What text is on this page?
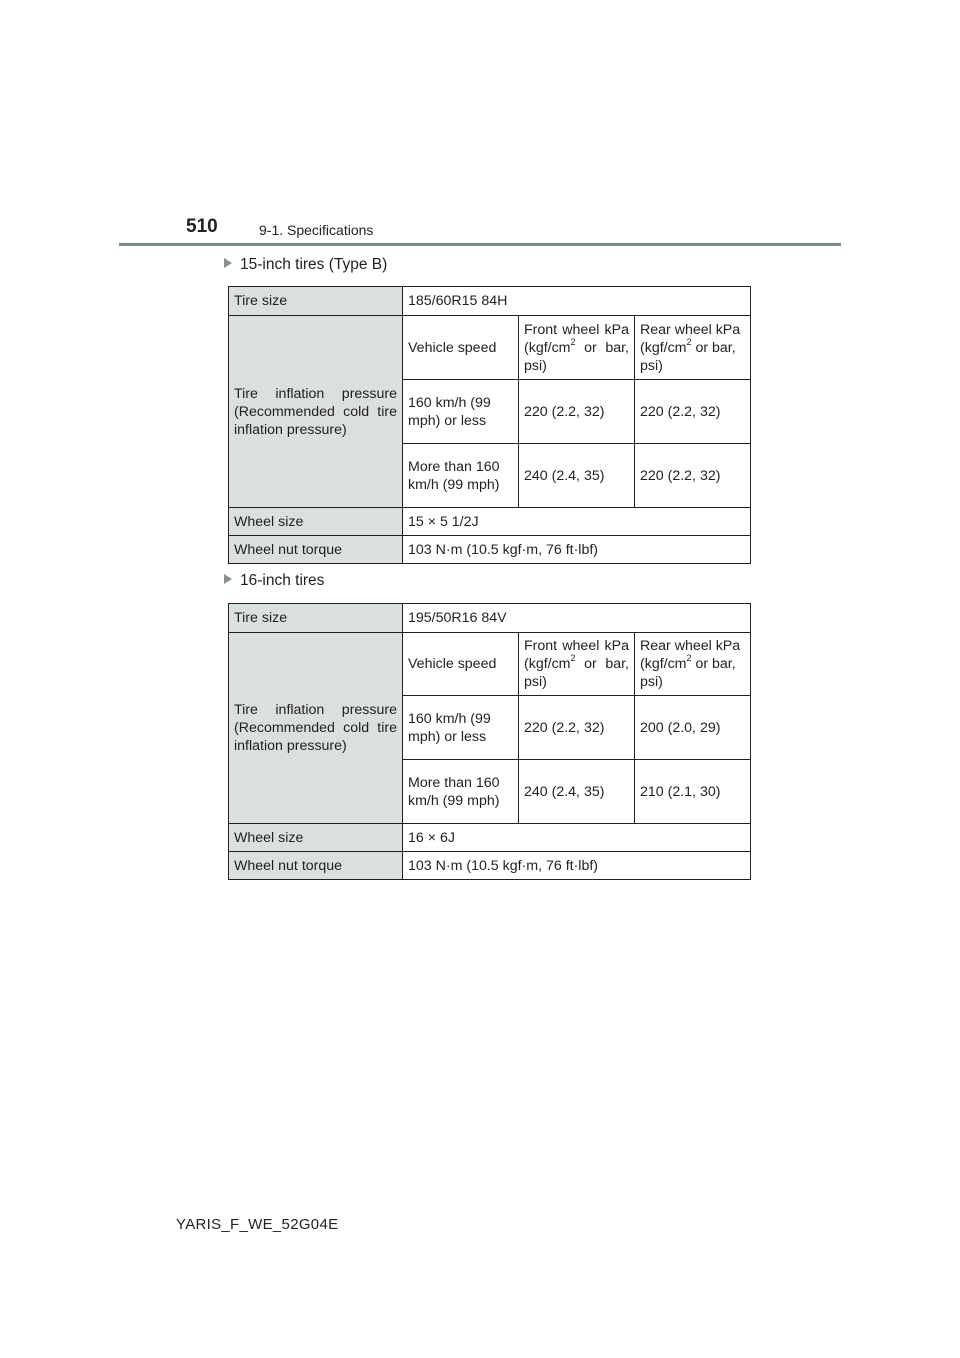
510	9-1. Specifications
15-inch tires (Type B)
Tire size	185/60R15 84H		
Tire inflation pressure (Recommended cold tire inflation pressure)	Vehicle speed	Front wheel kPa ($kgf/cm^2$ or bar, psi)	Rear wheel kPa ($kgf/cm^2$ or bar, psi)
	160 km/h (99 mph) or less	220 (2.2, 32)	220 (2.2, 32)
	More than 160 km/h (99 mph)	240 (2.4, 35)	220 (2.2, 32)
Wheel size	15 × 5 1/2J		
Wheel nut torque	103 N·m (10.5 kgf·m, 76 ft·lbf)		
16-inch tires
Tire size	195/50R16 84V		
Tire inflation pressure (Recommended cold tire inflation pressure)	Vehicle speed	Front wheel kPa ($kgf/cm^2$ or bar, psi)	Rear wheel kPa ($kgf/cm^2$ or bar, psi)
	160 km/h (99 mph) or less	220 (2.2, 32)	200 (2.0, 29)
	More than 160 km/h (99 mph)	240 (2.4, 35)	210 (2.1, 30)
Wheel size	16 × 6J		
Wheel nut torque	103 N·m (10.5 kgf·m, 76 ft·lbf)		
YARIS_F_WE_52G04E
